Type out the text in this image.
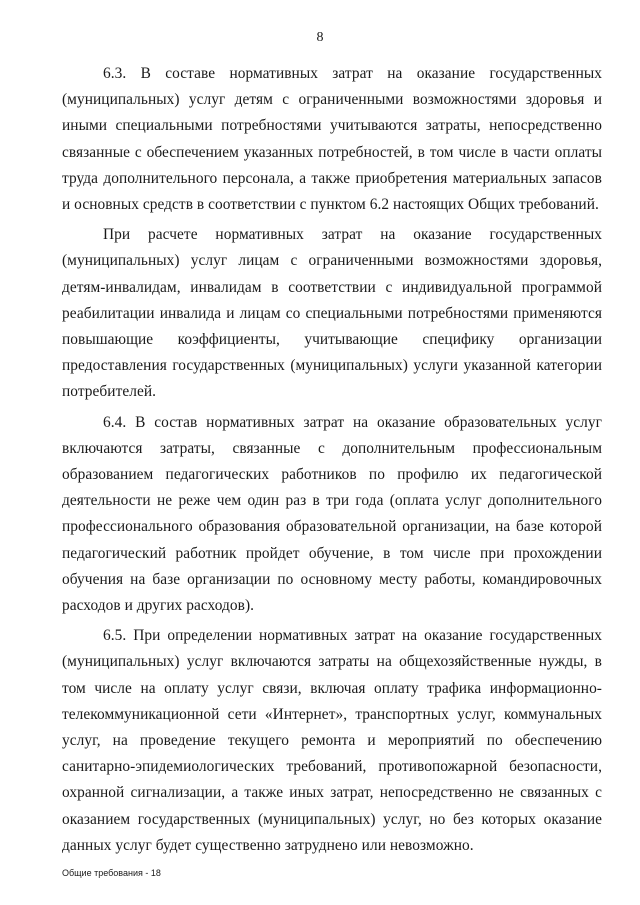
8

6.3. В составе нормативных затрат на оказание государственных (муниципальных) услуг детям с ограниченными возможностями здоровья и иными специальными потребностями учитываются затраты, непосредственно связанные с обеспечением указанных потребностей, в том числе в части оплаты труда дополнительного персонала, а также приобретения материальных запасов и основных средств в соответствии с пунктом 6.2 настоящих Общих требований.

При расчете нормативных затрат на оказание государственных (муниципальных) услуг лицам с ограниченными возможностями здоровья, детям-инвалидам, инвалидам в соответствии с индивидуальной программой реабилитации инвалида и лицам со специальными потребностями применяются повышающие коэффициенты, учитывающие специфику организации предоставления государственных (муниципальных) услуги указанной категории потребителей.

6.4. В состав нормативных затрат на оказание образовательных услуг включаются затраты, связанные с дополнительным профессиональным образованием педагогических работников по профилю их педагогической деятельности не реже чем один раз в три года (оплата услуг дополнительного профессионального образования образовательной организации, на базе которой педагогический работник пройдет обучение, в том числе при прохождении обучения на базе организации по основному месту работы, командировочных расходов и других расходов).

6.5. При определении нормативных затрат на оказание государственных (муниципальных) услуг включаются затраты на общехозяйственные нужды, в том числе на оплату услуг связи, включая оплату трафика информационно-телекоммуникационной сети «Интернет», транспортных услуг, коммунальных услуг, на проведение текущего ремонта и мероприятий по обеспечению санитарно-эпидемиологических требований, противопожарной безопасности, охранной сигнализации, а также иных затрат, непосредственно не связанных с оказанием государственных (муниципальных) услуг, но без которых оказание данных услуг будет существенно затруднено или невозможно.

Общие требования - 18
